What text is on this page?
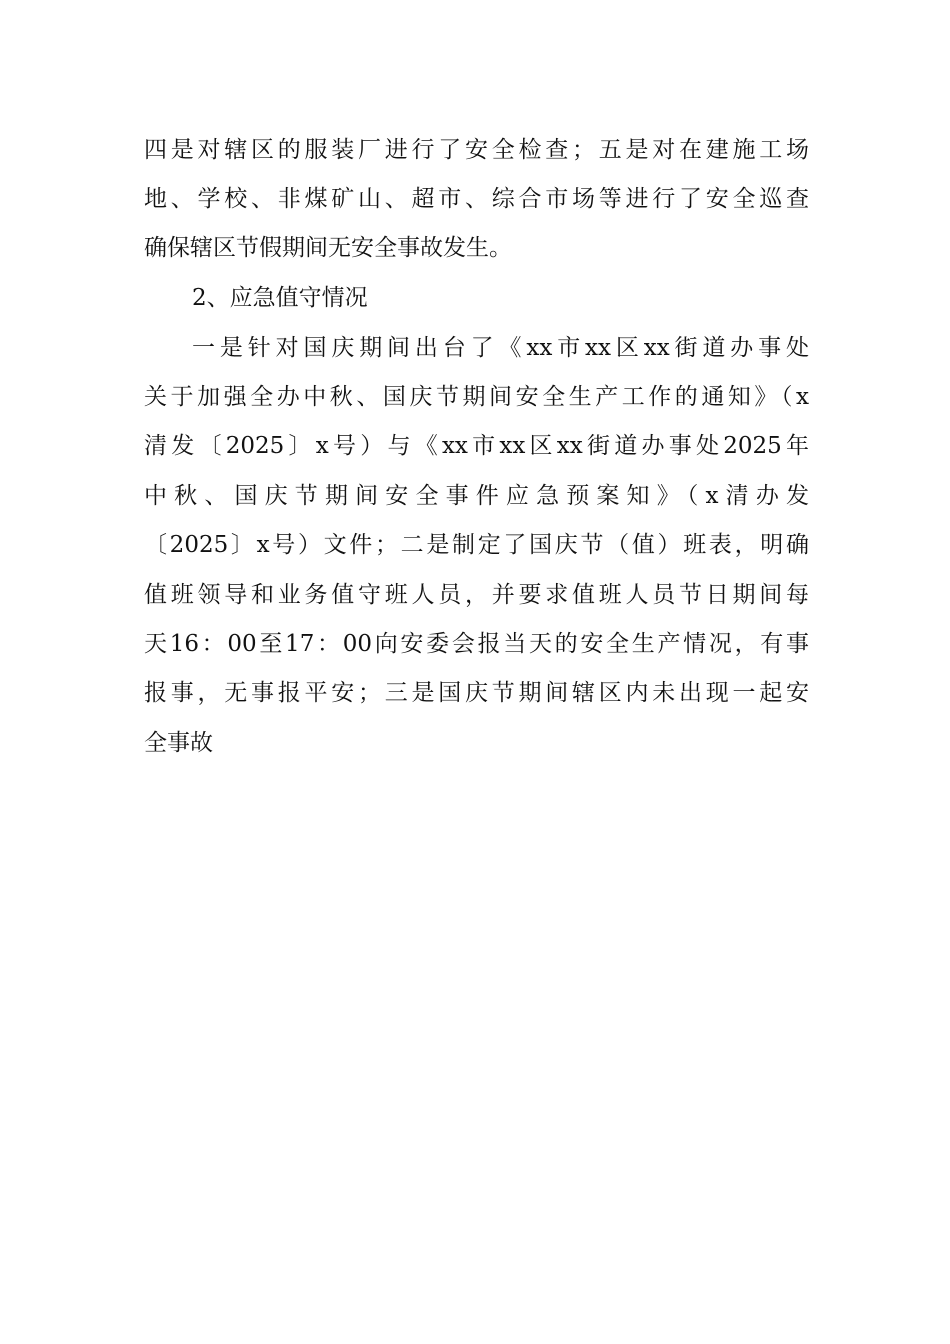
四是对辖区的服装厂进行了安全检查；五是对在建施工场
地、学校、非煤矿山、超市、综合市场等进行了安全巡查
确保辖区节假期间无安全事故发生。
2、应急值守情况
一是针对国庆期间出台了《xx市xx区xx街道办事处
关于加强全办中秋、国庆节期间安全生产工作的通知》（x
清发〔2025〕x号）与《xx市xx区xx街道办事处2025年
中秋、国庆节期间安全事件应急预案知》（x清办发
〔2025〕x号）文件；二是制定了国庆节（值）班表，明确
值班领导和业务值守班人员，并要求值班人员节日期间每
天16：00至17：00向安委会报当天的安全生产情况，有事
报事，无事报平安；三是国庆节期间辖区内未出现一起安
全事故
